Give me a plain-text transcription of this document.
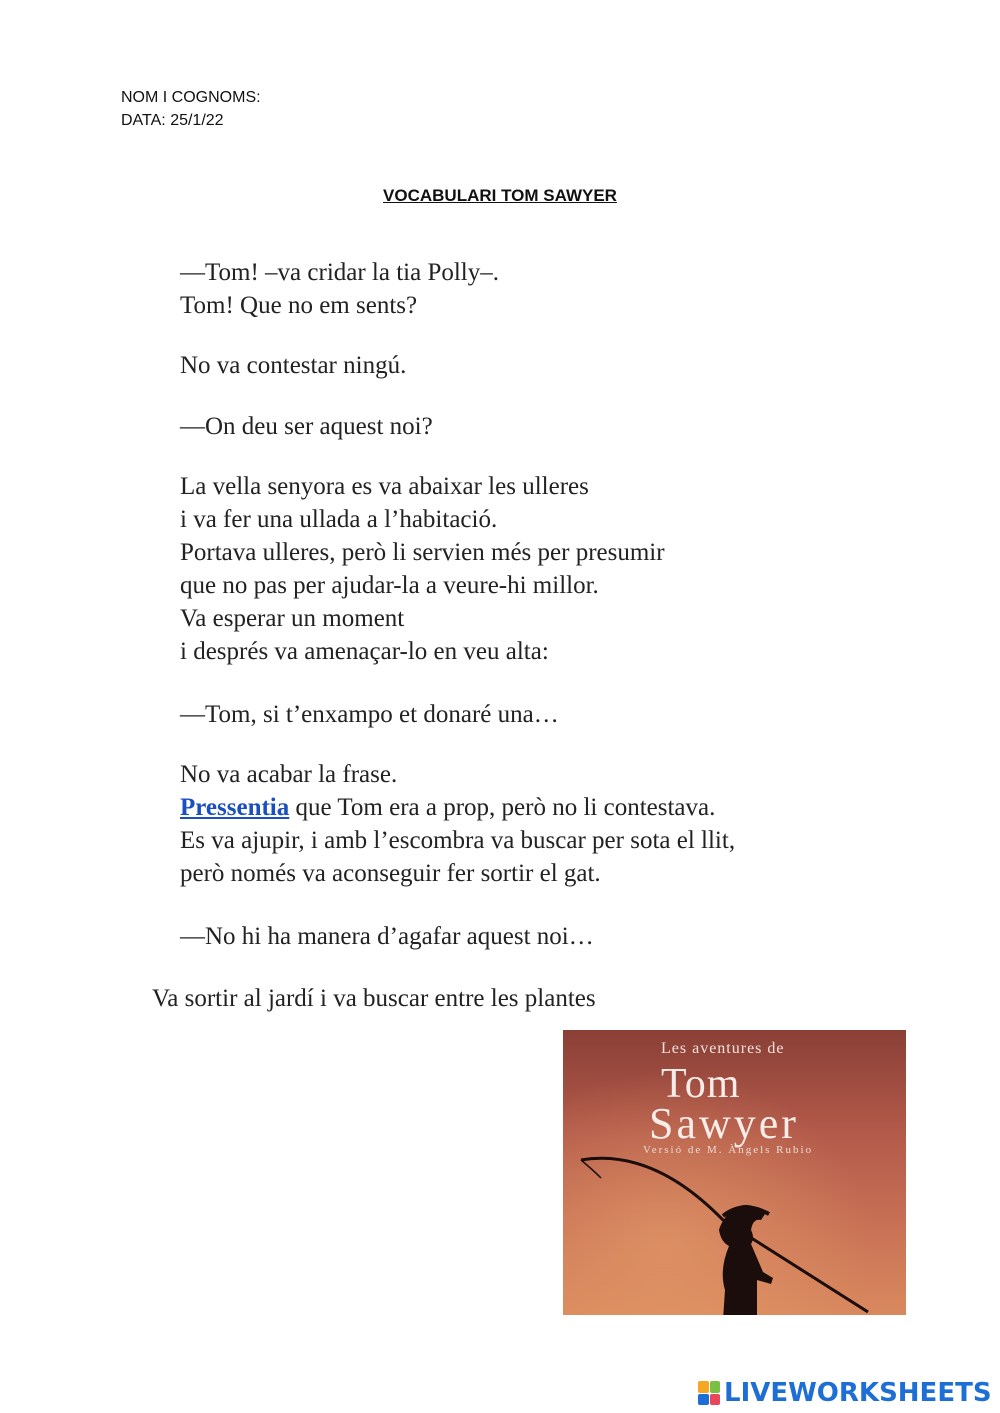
NOM I COGNOMS:
DATA: 25/1/22
VOCABULARI TOM SAWYER
—Tom! –va cridar la tia Polly–.
Tom! Que no em sents?
No va contestar ningú.
—On deu ser aquest noi?
La vella senyora es va abaixar les ulleres
i va fer una ullada a l’habitació.
Portava ulleres, però li servien més per presumir
que no pas per ajudar-la a veure-hi millor.
Va esperar un moment
i després va amenaçar-lo en veu alta:
—Tom, si t’enxampo et donaré una…
No va acabar la frase.
Pressentia que Tom era a prop, però no li contestava.
Es va ajupir, i amb l’escombra va buscar per sota el llit,
però només va aconseguir fer sortir el gat.
—No hi ha manera d’agafar aquest noi…
Va sortir al jardí i va buscar entre les plantes
Les aventures de
Tom
Sawyer
Versió de M. Àngels Rubio
LIVEWORKSHEETS
